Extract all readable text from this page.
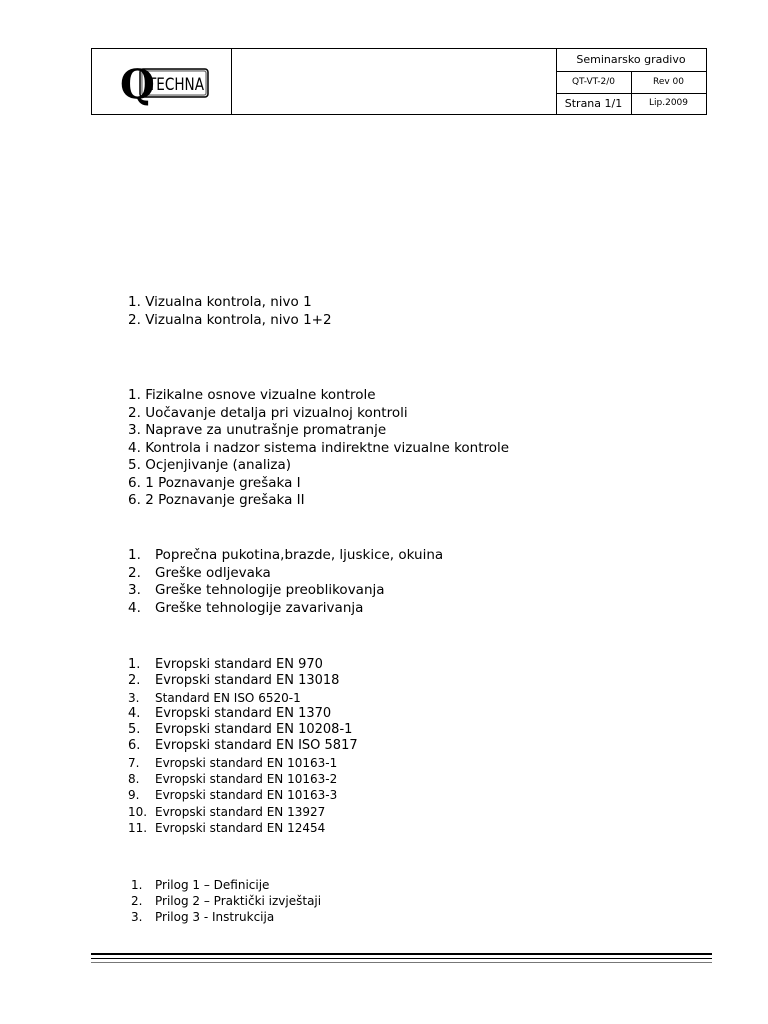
Q
TECHNA
Seminarsko gradivo
QT-VT-2/0	Rev 00
Strana 1/1	Lip.2009
1. Vizualna kontrola, nivo 1
2. Vizualna kontrola, nivo 1+2
1. Fizikalne osnove vizualne kontrole
2. Uočavanje detalja pri vizualnoj kontroli
3. Naprave za unutrašnje promatranje
4. Kontrola i nadzor sistema indirektne vizualne kontrole
5. Ocjenjivanje (analiza)
6. 1 Poznavanje grešaka I
6. 2 Poznavanje grešaka II
1.	Poprečna pukotina,brazde, ljuskice, okuina
2.	Greške odljevaka
3.	Greške tehnologije preoblikovanja
4.	Greške tehnologije zavarivanja
1.	Evropski standard EN 970
2.	Evropski standard EN 13018
3.	Standard EN ISO 6520-1
4.	Evropski standard EN 1370
5.	Evropski standard EN 10208-1
6.	Evropski standard EN ISO 5817
7.	Evropski standard EN 10163-1
8.	Evropski standard EN 10163-2
9.	Evropski standard EN 10163-3
10. Evropski standard EN 13927
11. Evropski standard EN 12454
1.	Prilog 1 – Definicije
2.	Prilog 2 – Praktički izvještaji
3.	Prilog 3 - Instrukcija
